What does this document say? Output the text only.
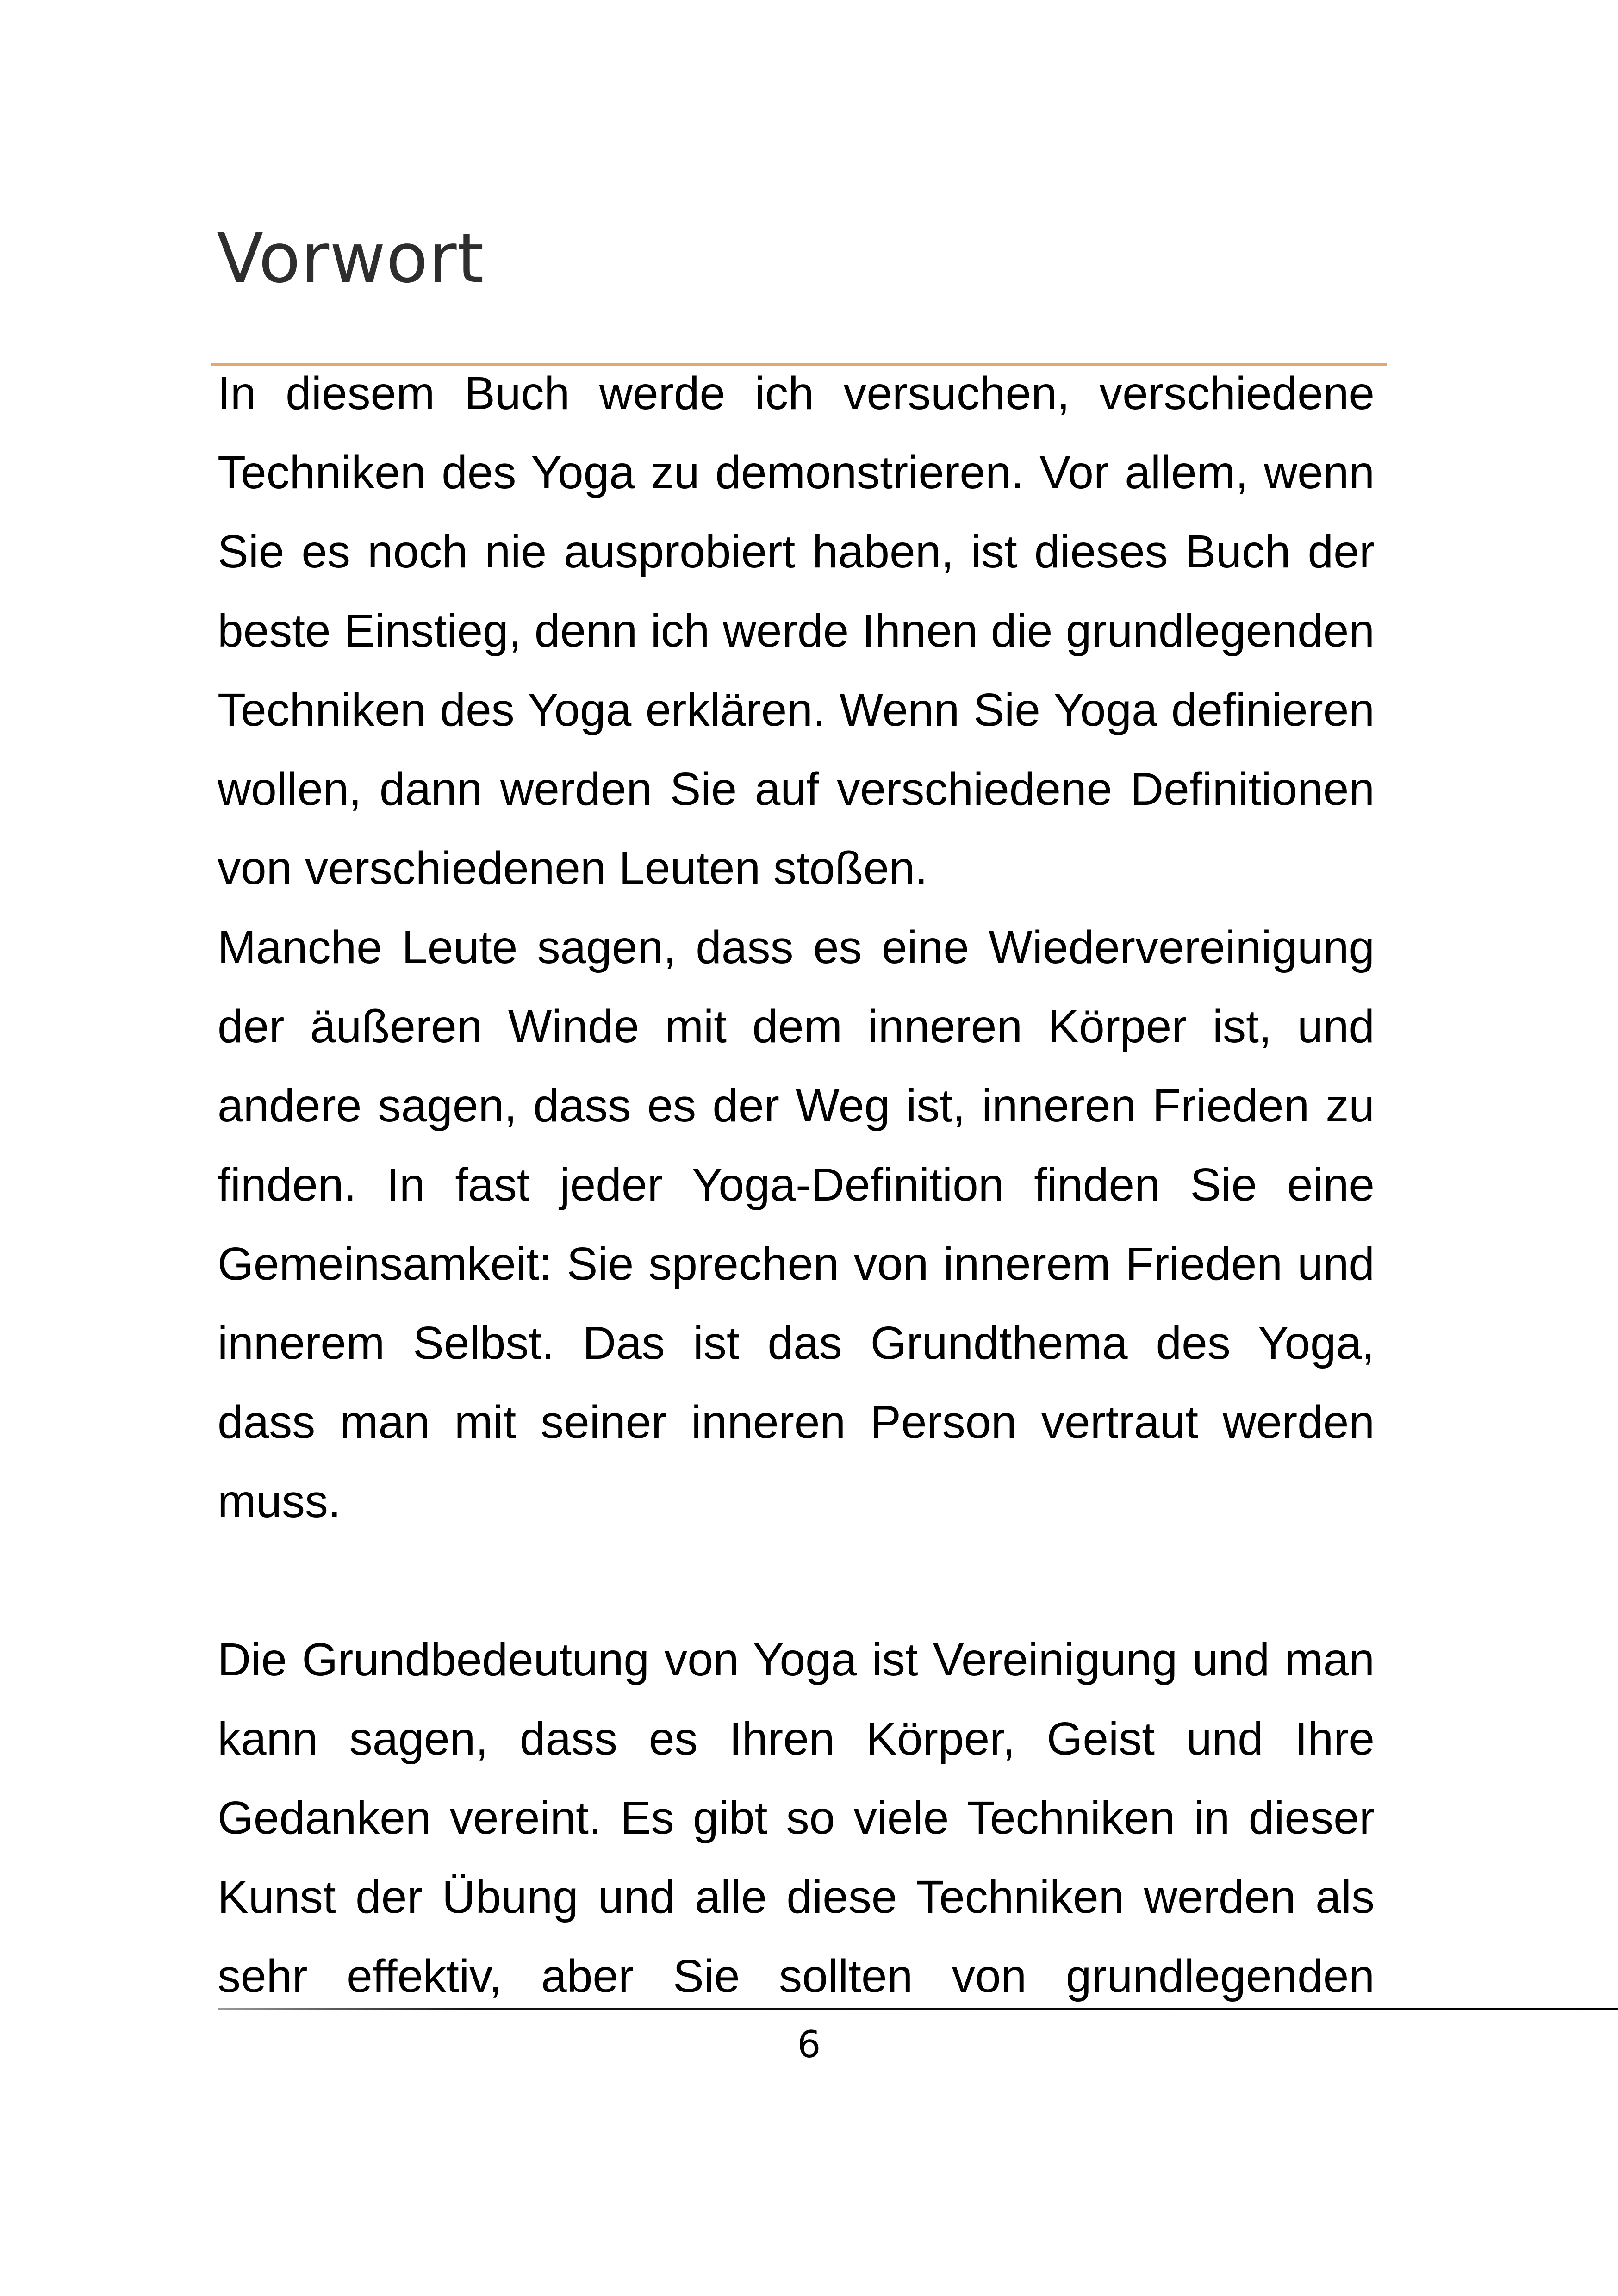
Vorwort

In diesem Buch werde ich versuchen, verschiedene Techniken des Yoga zu demonstrieren. Vor allem, wenn Sie es noch nie ausprobiert haben, ist dieses Buch der beste Einstieg, denn ich werde Ihnen die grundlegenden Techniken des Yoga erklären. Wenn Sie Yoga definieren wollen, dann werden Sie auf verschiedene Definitionen von verschiedenen Leuten stoßen.

Manche Leute sagen, dass es eine Wiedervereinigung der äußeren Winde mit dem inneren Körper ist, und andere sagen, dass es der Weg ist, inneren Frieden zu finden. In fast jeder Yoga-Definition finden Sie eine Gemeinsamkeit: Sie sprechen von innerem Frieden und innerem Selbst. Das ist das Grundthema des Yoga, dass man mit seiner inneren Person vertraut werden muss.

Die Grundbedeutung von Yoga ist Vereinigung und man kann sagen, dass es Ihren Körper, Geist und Ihre Gedanken vereint. Es gibt so viele Techniken in dieser Kunst der Übung und alle diese Techniken werden als sehr effektiv, aber Sie sollten von grundlegenden

6
